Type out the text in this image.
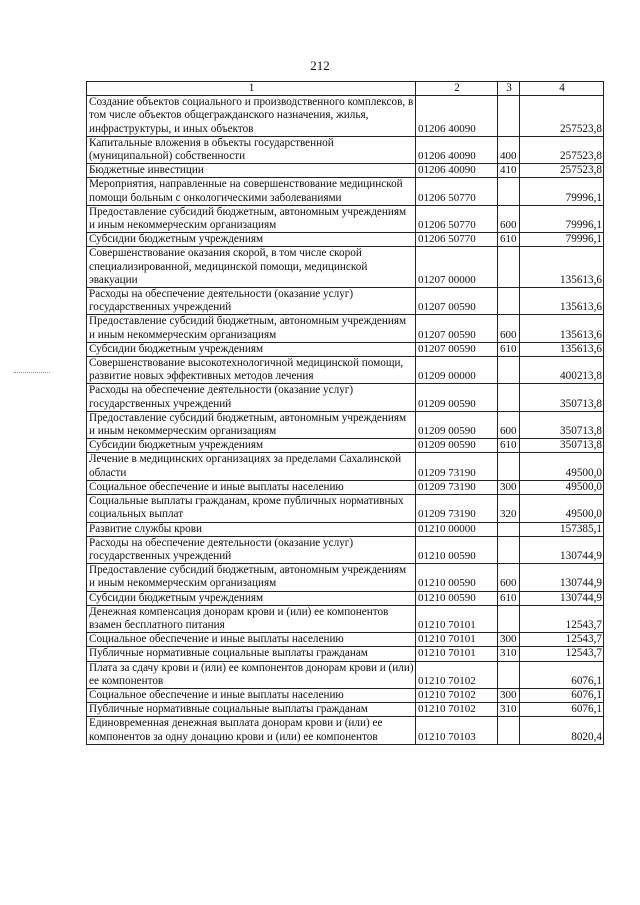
212
1	2	3	4
Создание объектов социального и производственного комплексов, в том числе объектов общегражданского назначения, жилья, инфраструктуры, и иных объектов	01206 40090		257523,8
Капитальные вложения в объекты государственной (муниципальной) собственности	01206 40090	400	257523,8
Бюджетные инвестиции	01206 40090	410	257523,8
Мероприятия, направленные на совершенствование медицинской помощи больным с онкологическими заболеваниями	01206 50770		79996,1
Предоставление субсидий бюджетным, автономным учреждениям и иным некоммерческим организациям	01206 50770	600	79996,1
Субсидии бюджетным учреждениям	01206 50770	610	79996,1
Совершенствование оказания скорой, в том числе скорой специализированной, медицинской помощи, медицинской эвакуации	01207 00000		135613,6
Расходы на обеспечение деятельности (оказание услуг) государственных учреждений	01207 00590		135613,6
Предоставление субсидий бюджетным, автономным учреждениям и иным некоммерческим организациям	01207 00590	600	135613,6
Субсидии бюджетным учреждениям	01207 00590	610	135613,6
Совершенствование высокотехнологичной медицинской помощи, развитие новых эффективных методов лечения	01209 00000		400213,8
Расходы на обеспечение деятельности (оказание услуг) государственных учреждений	01209 00590		350713,8
Предоставление субсидий бюджетным, автономным учреждениям и иным некоммерческим организациям	01209 00590	600	350713,8
Субсидии бюджетным учреждениям	01209 00590	610	350713,8
Лечение в медицинских организациях за пределами Сахалинской области	01209 73190		49500,0
Социальное обеспечение и иные выплаты населению	01209 73190	300	49500,0
Социальные выплаты гражданам, кроме публичных нормативных социальных выплат	01209 73190	320	49500,0
Развитие службы крови	01210 00000		157385,1
Расходы на обеспечение деятельности (оказание услуг) государственных учреждений	01210 00590		130744,9
Предоставление субсидий бюджетным, автономным учреждениям и иным некоммерческим организациям	01210 00590	600	130744,9
Субсидии бюджетным учреждениям	01210 00590	610	130744,9
Денежная компенсация донорам крови и (или) ее компонентов взамен бесплатного питания	01210 70101		12543,7
Социальное обеспечение и иные выплаты населению	01210 70101	300	12543,7
Публичные нормативные социальные выплаты гражданам	01210 70101	310	12543,7
Плата за сдачу крови и (или) ее компонентов донорам крови и (или) ее компонентов	01210 70102		6076,1
Социальное обеспечение и иные выплаты населению	01210 70102	300	6076,1
Публичные нормативные социальные выплаты гражданам	01210 70102	310	6076,1
Единовременная денежная выплата донорам крови и (или) ее компонентов за одну донацию крови и (или) ее компонентов	01210 70103		8020,4
